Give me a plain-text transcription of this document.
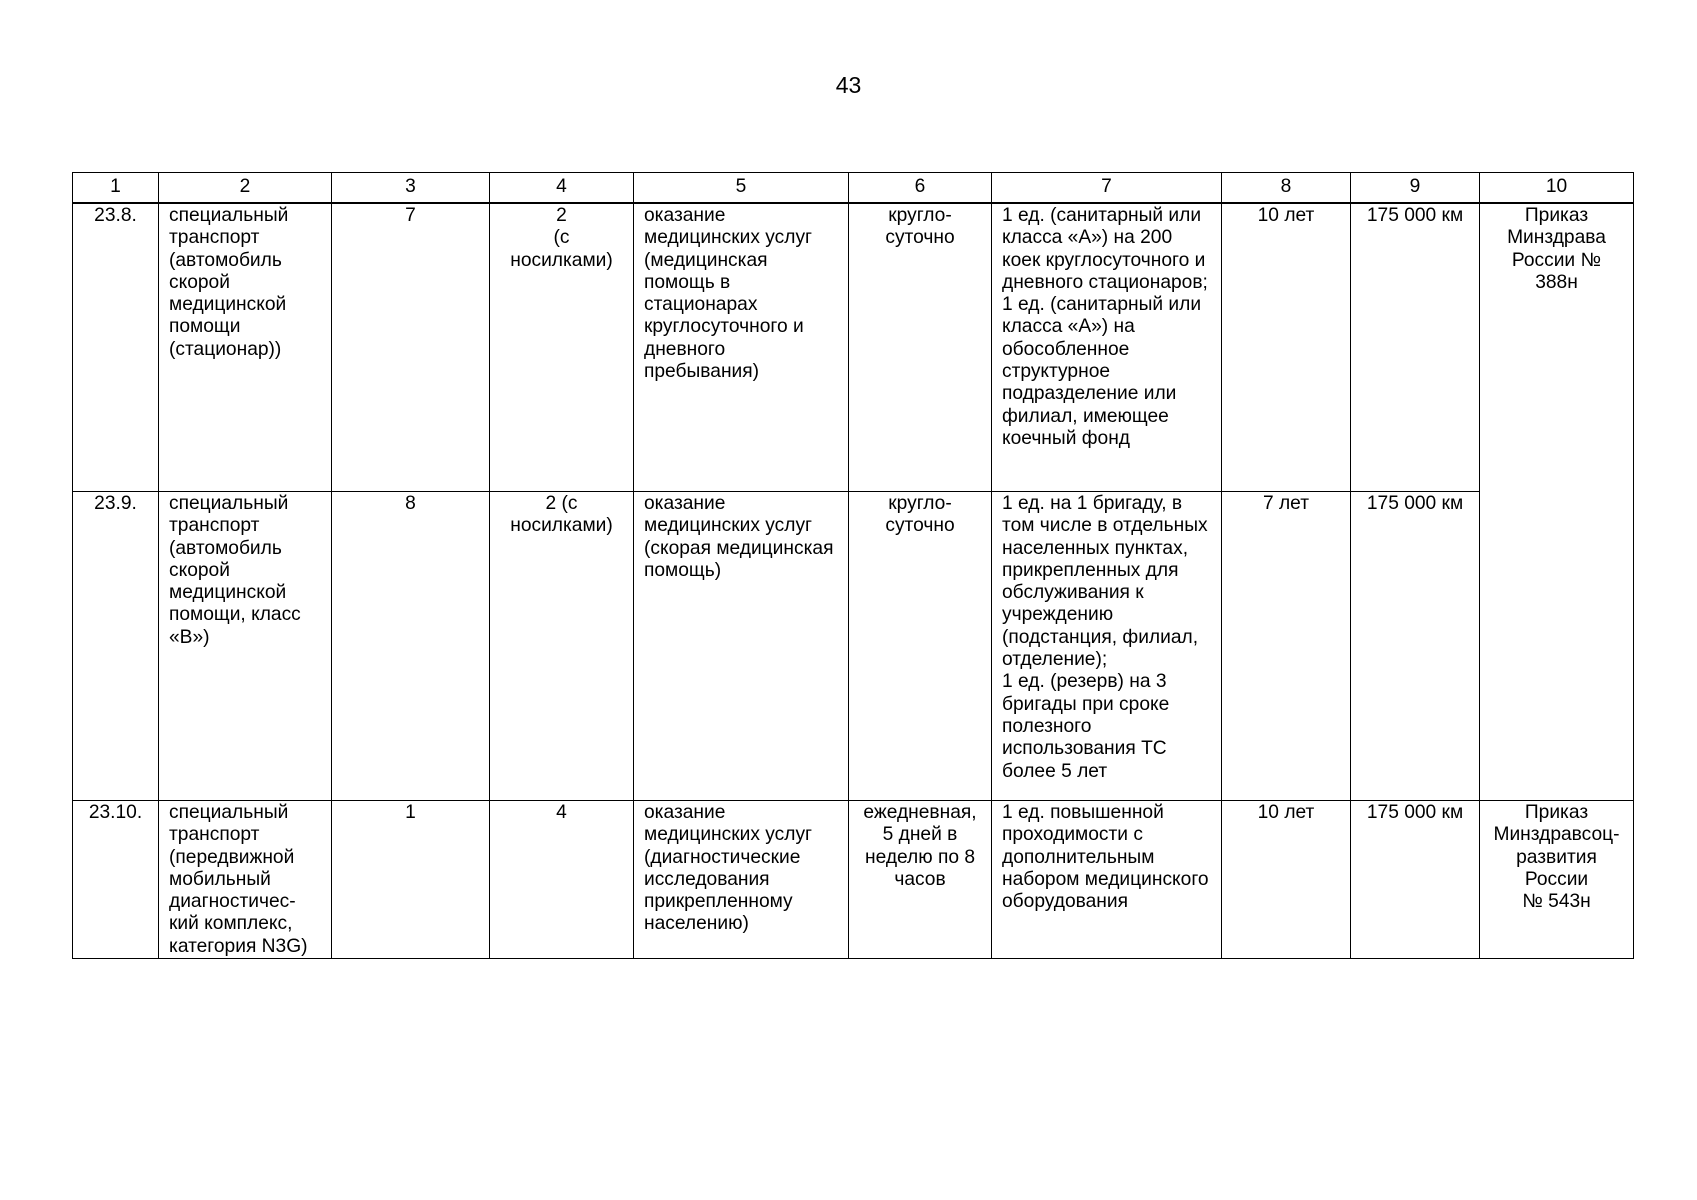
43
1	2	3	4	5	6	7	8	9	10
23.8.	специальный транспорт (автомобиль скорой медицинской помощи (стационар))	7	2
(с
носилками)	оказание медицинских услуг (медицинская помощь в стационарах круглосуточного и дневного пребывания)	кругло-
суточно	1 ед. (санитарный или класса «А») на 200 коек круглосуточного и дневного стационаров;
1 ед. (санитарный или класса «А») на обособленное структурное подразделение или филиал, имеющее коечный фонд	10 лет	175 000 км	Приказ Минздрава России № 388н
23.9.	специальный транспорт (автомобиль скорой медицинской помощи, класс «В»)	8	2 (с носилками)	оказание медицинских услуг (скорая медицинская помощь)	кругло-
суточно	1 ед. на 1 бригаду, в том числе в отдельных населенных пунктах, прикрепленных для обслуживания к учреждению (подстанция, филиал, отделение);
1 ед. (резерв) на 3 бригады при сроке полезного использования ТС более 5 лет	7 лет	175 000 км	
23.10.	специальный транспорт (передвижной мобильный диагностичес-кий комплекс, категория N3G)	1	4	оказание медицинских услуг (диагностические исследования прикрепленному населению)	ежедневная, 5 дней в неделю по 8 часов	1 ед. повышенной проходимости с дополнительным набором медицинского оборудования	10 лет	175 000 км	Приказ Минздравсоц-развития России
№ 543н
